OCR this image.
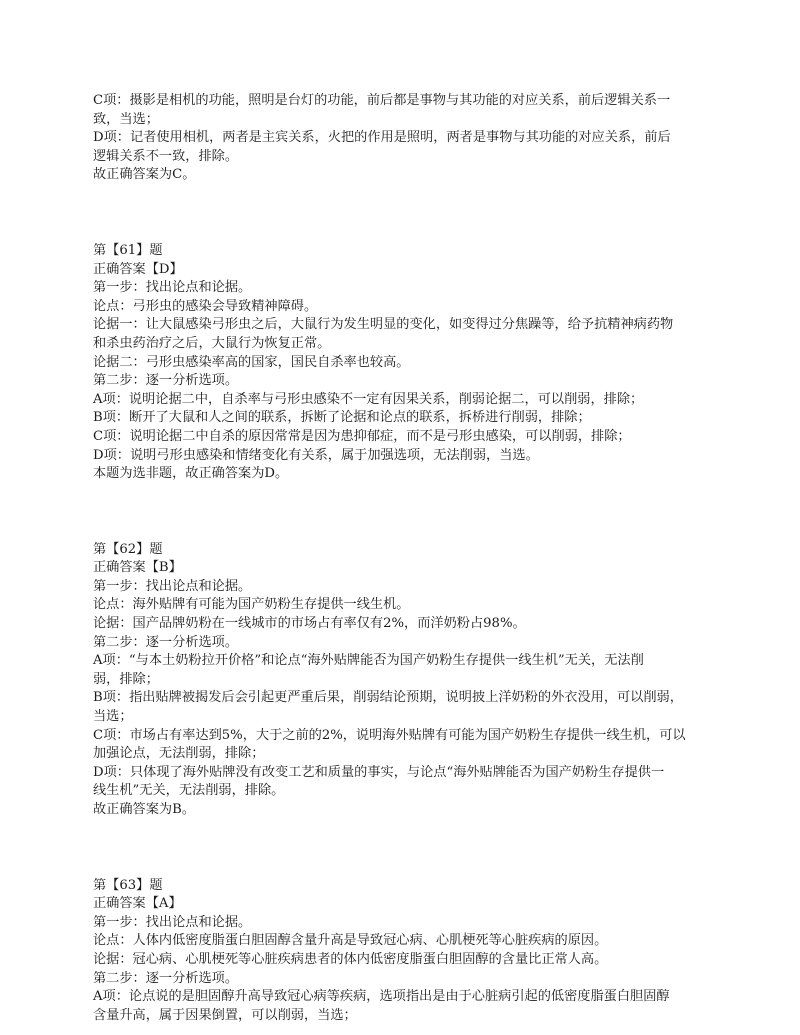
C项：摄影是相机的功能，照明是台灯的功能，前后都是事物与其功能的对应关系，前后逻辑关系一
致，当选；
D项：记者使用相机，两者是主宾关系，火把的作用是照明，两者是事物与其功能的对应关系，前后
逻辑关系不一致，排除。
故正确答案为C。
第【61】题
正确答案【D】
第一步：找出论点和论据。
论点：弓形虫的感染会导致精神障碍。
论据一：让大鼠感染弓形虫之后，大鼠行为发生明显的变化，如变得过分焦躁等，给予抗精神病药物
和杀虫药治疗之后，大鼠行为恢复正常。
论据二：弓形虫感染率高的国家，国民自杀率也较高。
第二步：逐一分析选项。
A项：说明论据二中，自杀率与弓形虫感染不一定有因果关系，削弱论据二，可以削弱，排除；
B项：断开了大鼠和人之间的联系，拆断了论据和论点的联系，拆桥进行削弱，排除；
C项：说明论据二中自杀的原因常常是因为患抑郁症，而不是弓形虫感染，可以削弱，排除；
D项：说明弓形虫感染和情绪变化有关系，属于加强选项，无法削弱，当选。
本题为选非题，故正确答案为D。
第【62】题
正确答案【B】
第一步：找出论点和论据。
论点：海外贴牌有可能为国产奶粉生存提供一线生机。
论据：国产品牌奶粉在一线城市的市场占有率仅有2%，而洋奶粉占98%。
第二步：逐一分析选项。
A项：“与本土奶粉拉开价格”和论点“海外贴牌能否为国产奶粉生存提供一线生机”无关，无法削
弱，排除；
B项：指出贴牌被揭发后会引起更严重后果，削弱结论预期，说明披上洋奶粉的外衣没用，可以削弱，
当选；
C项：市场占有率达到5%，大于之前的2%，说明海外贴牌有可能为国产奶粉生存提供一线生机，可以
加强论点，无法削弱，排除；
D项：只体现了海外贴牌没有改变工艺和质量的事实，与论点“海外贴牌能否为国产奶粉生存提供一
线生机”无关，无法削弱，排除。
故正确答案为B。
第【63】题
正确答案【A】
第一步：找出论点和论据。
论点：人体内低密度脂蛋白胆固醇含量升高是导致冠心病、心肌梗死等心脏疾病的原因。
论据：冠心病、心肌梗死等心脏疾病患者的体内低密度脂蛋白胆固醇的含量比正常人高。
第二步：逐一分析选项。
A项：论点说的是胆固醇升高导致冠心病等疾病，选项指出是由于心脏病引起的低密度脂蛋白胆固醇
含量升高，属于因果倒置，可以削弱，当选；
